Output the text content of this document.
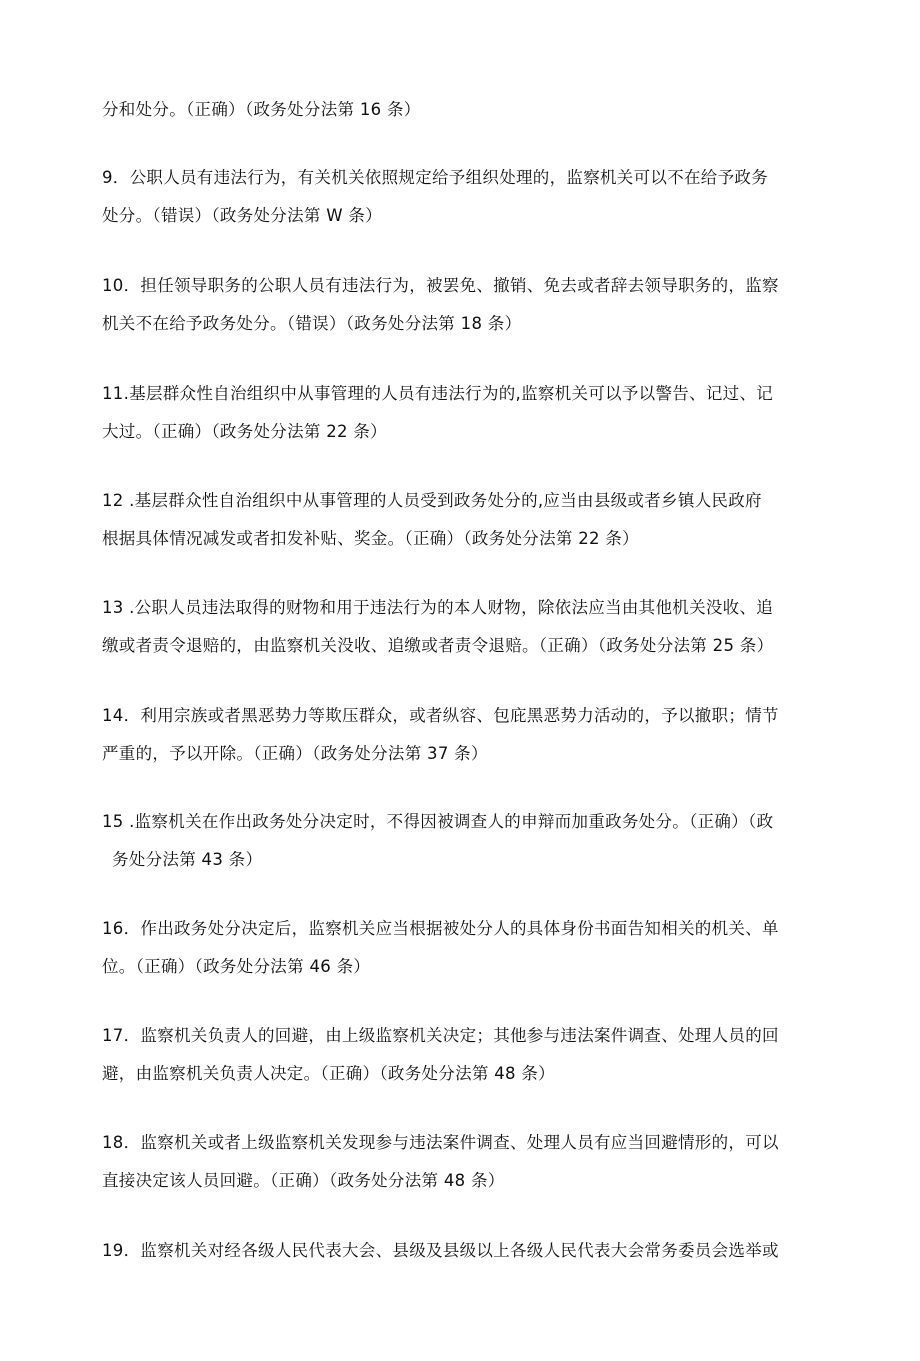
分和处分。（正确）（政务处分法第 16 条）
9．公职人员有违法行为，有关机关依照规定给予组织处理的，监察机关可以不在给予政务
处分。（错误）（政务处分法第 W 条）
10．担任领导职务的公职人员有违法行为，被罢免、撤销、免去或者辞去领导职务的，监察
机关不在给予政务处分。（错误）（政务处分法第 18 条）
11.基层群众性自治组织中从事管理的人员有违法行为的,监察机关可以予以警告、记过、记
大过。（正确）（政务处分法第 22 条）
12 .基层群众性自治组织中从事管理的人员受到政务处分的,应当由县级或者乡镇人民政府
根据具体情况减发或者扣发补贴、奖金。（正确）（政务处分法第 22 条）
13 .公职人员违法取得的财物和用于违法行为的本人财物，除依法应当由其他机关没收、追
缴或者责令退赔的，由监察机关没收、追缴或者责令退赔。（正确）（政务处分法第 25 条）
14．利用宗族或者黑恶势力等欺压群众，或者纵容、包庇黑恶势力活动的，予以撤职；情节
严重的，予以开除。（正确）（政务处分法第 37 条）
15 .监察机关在作出政务处分决定时，不得因被调查人的申辩而加重政务处分。（正确）（政
务处分法第 43 条）
16．作出政务处分决定后，监察机关应当根据被处分人的具体身份书面告知相关的机关、单
位。（正确）（政务处分法第 46 条）
17．监察机关负责人的回避，由上级监察机关决定；其他参与违法案件调查、处理人员的回
避，由监察机关负责人决定。（正确）（政务处分法第 48 条）
18．监察机关或者上级监察机关发现参与违法案件调查、处理人员有应当回避情形的，可以
直接决定该人员回避。（正确）（政务处分法第 48 条）
19．监察机关对经各级人民代表大会、县级及县级以上各级人民代表大会常务委员会选举或
